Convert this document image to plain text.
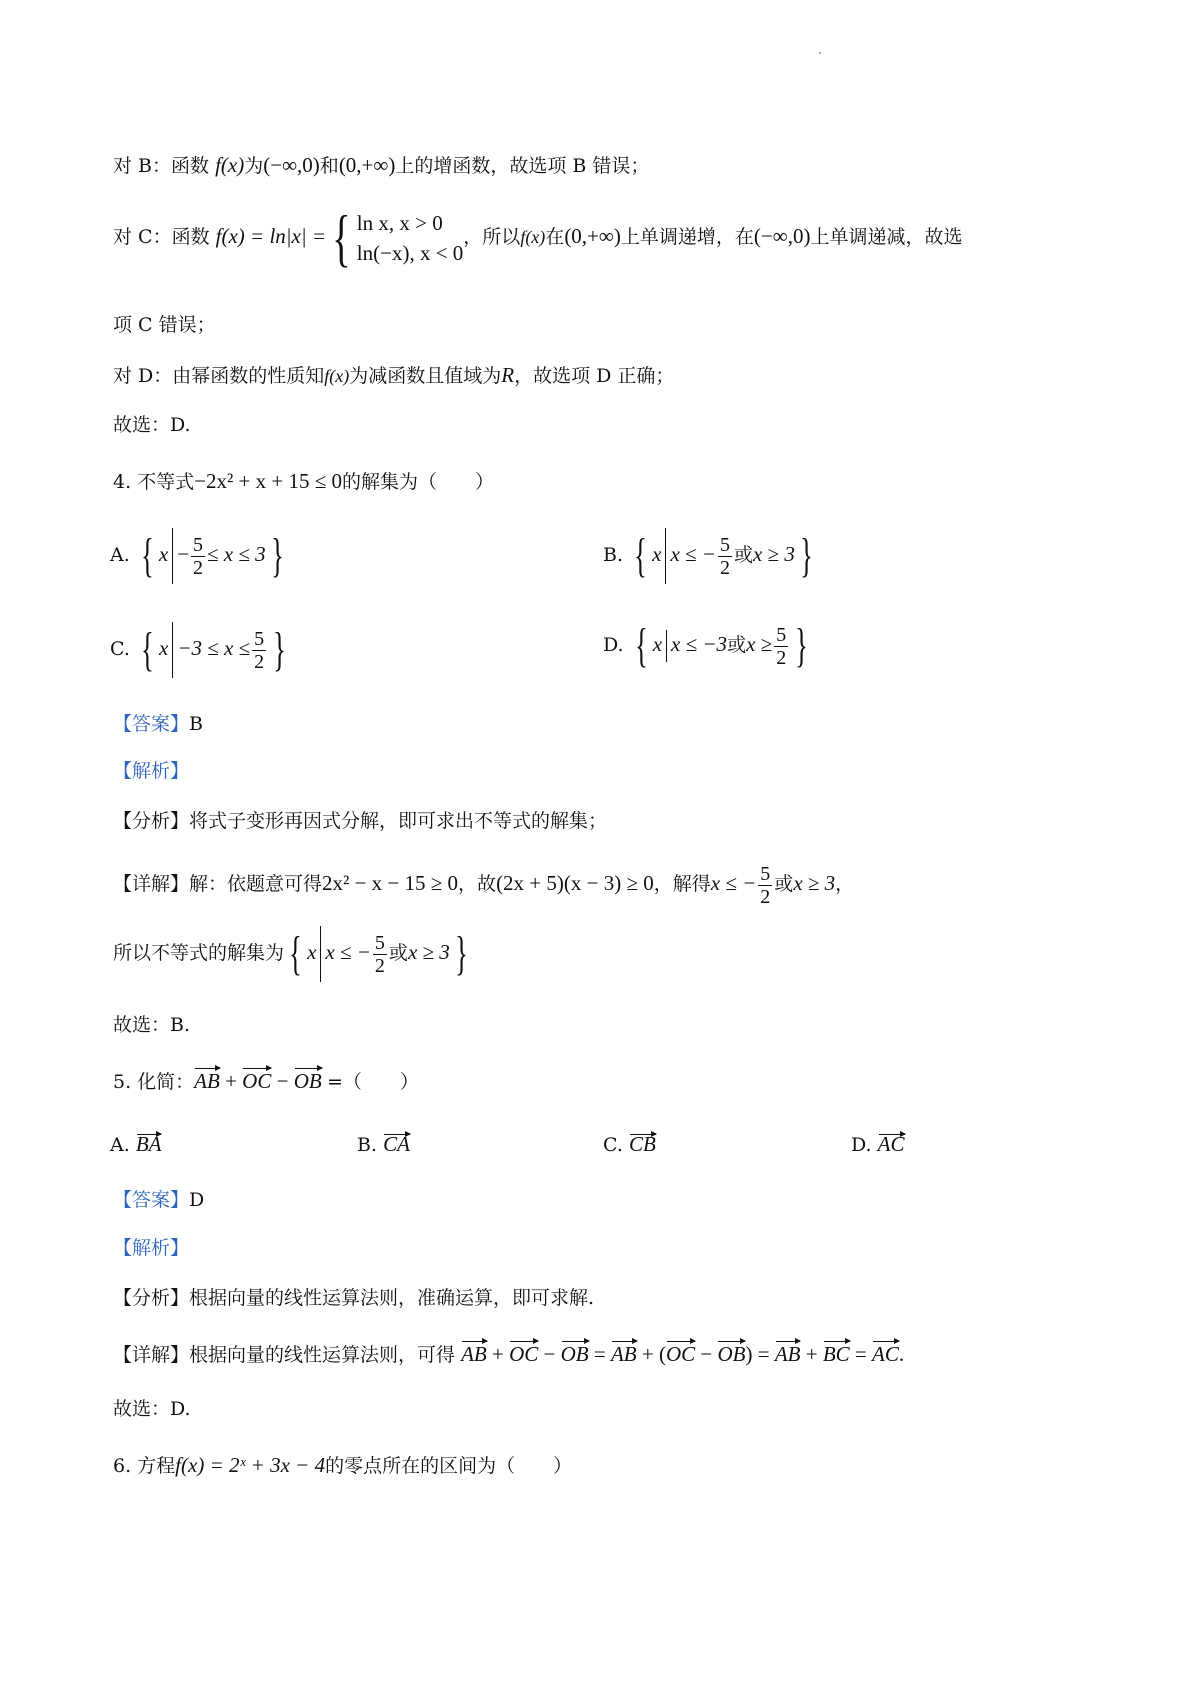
对 B：函数 f(x)为(−∞,0)和(0,+∞)上的增函数，故选项 B 错误；
对 C：函数 f(x) = ln|x| ={ ln x, x > 0
ln(−x), x < 0，所以f(x)在(0,+∞)上单调递增，在(−∞,0)上单调递减，故选
项 C 错误；
对 D：由幂函数的性质知f(x)为减函数且值域为R，故选项 D 正确；
故选：D.
4. 不等式−2x² + x + 15 ≤ 0的解集为（　　）
A. { $x - \frac{5}{2} \le x \le 3$ }	B. { x x ≤ − $\frac{5}{2}$ 或x ≥ 3 }
C. { $x -3 \le x \le \frac{5}{2}$ }	D. { x x ≤ −3或$x \ge \frac{5}{2}$ }
【答案】B
【解析】
【分析】将式子变形再因式分解，即可求出不等式的解集；
【详解】解：依题意可得2x² − x − 15 ≥ 0，故(2x + 5)(x − 3) ≥ 0，解得x ≤ − $\frac{5}{2}$ 或x ≥ 3，
所以不等式的解集为 { x x ≤ − $\frac{5}{2}$ 或x ≥ 3 }
故选：B.
5. 化简：AB + OC − OB =（　　）
A. BA	B. CA	C. CB	D. AC
【答案】D
【解析】
【分析】根据向量的线性运算法则，准确运算，即可求解.
【详解】根据向量的线性运算法则，可得 AB + OC − OB = AB + (OC − OB) = AB + BC = AC.
故选：D.
6. 方程f(x) = 2ˣ + 3x − 4的零点所在的区间为（　　）
